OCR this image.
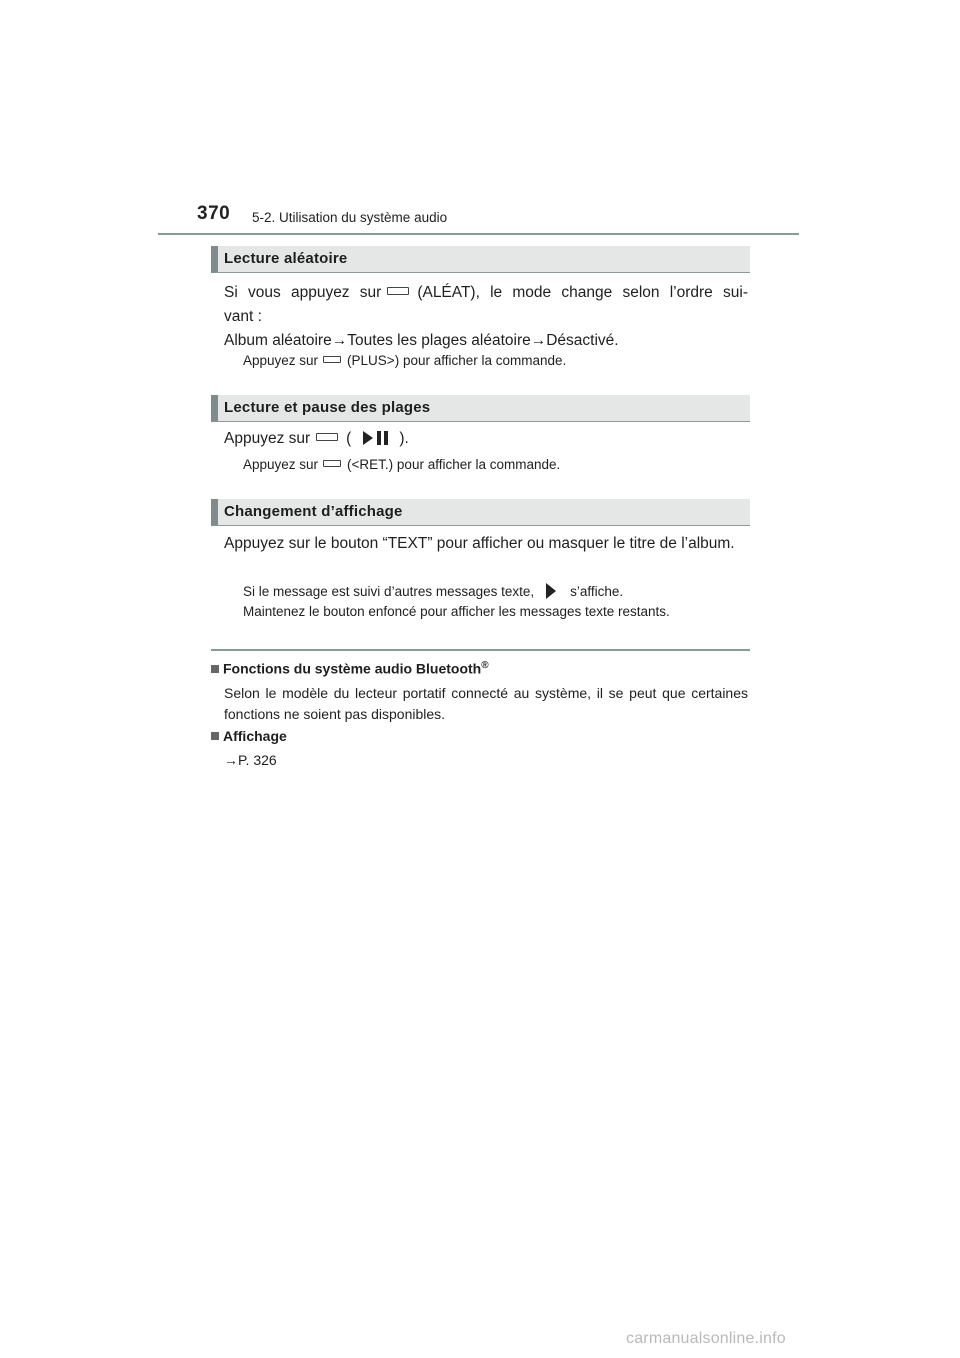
370 5-2. Utilisation du système audio
Lecture aléatoire
Si vous appuyez sur (ALÉAT), le mode change selon l’ordre sui-
vant :
Album aléatoire→Toutes les plages aléatoire→Désactivé.
Appuyez sur (PLUS>) pour afficher la commande.
Lecture et pause des plages
Appuyez sur (	).
Appuyez sur (<RET.) pour afficher la commande.
Changement d’affichage
Appuyez sur le bouton “TEXT” pour afficher ou masquer le titre de l’album.
Si le message est suivi d’autres messages texte,	s’affiche.
Maintenez le bouton enfoncé pour afficher les messages texte restants.
Fonctions du système audio Bluetooth®
Selon le modèle du lecteur portatif connecté au système, il se peut que certaines fonctions ne soient pas disponibles.
Affichage
→P. 326
carmanualsonline.info
